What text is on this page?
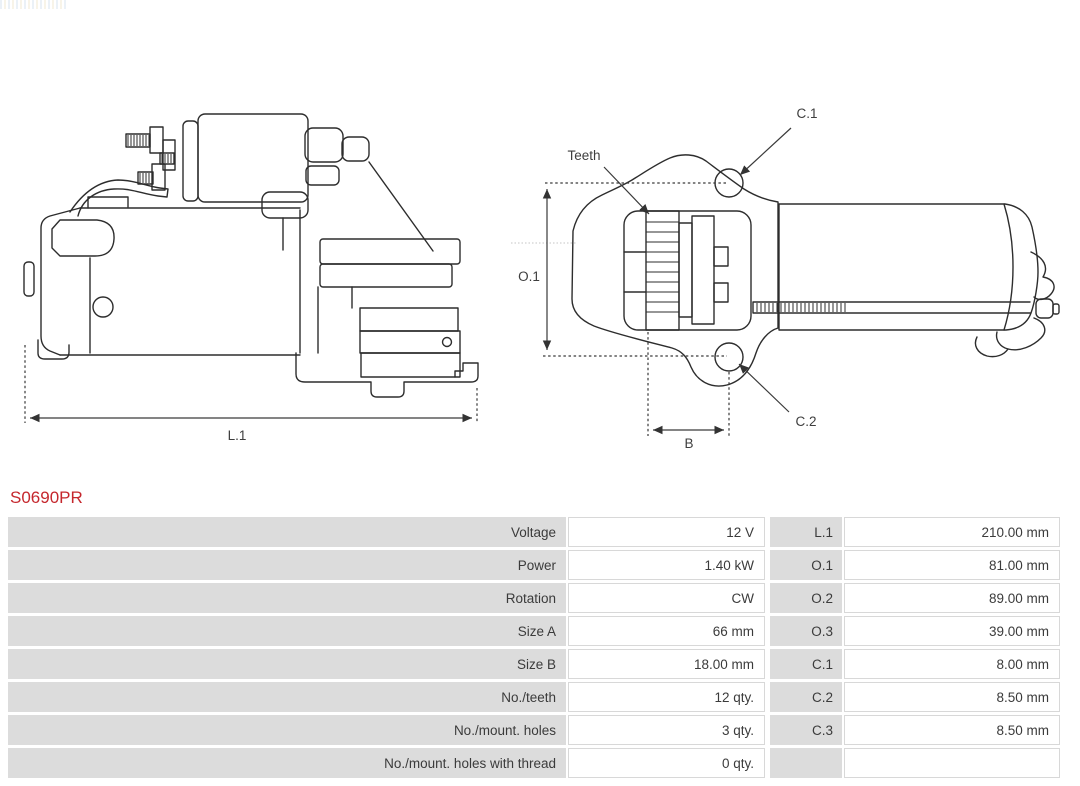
L.1
O.1
B
Teeth
C.1
C.2
S0690PR
Voltage	12 V	L.1	210.00 mm
Power	1.40 kW	O.1	81.00 mm
Rotation	CW	O.2	89.00 mm
Size A	66 mm	O.3	39.00 mm
Size B	18.00 mm	C.1	8.00 mm
No./teeth	12 qty.	C.2	8.50 mm
No./mount. holes	3 qty.	C.3	8.50 mm
No./mount. holes with thread	0 qty.
